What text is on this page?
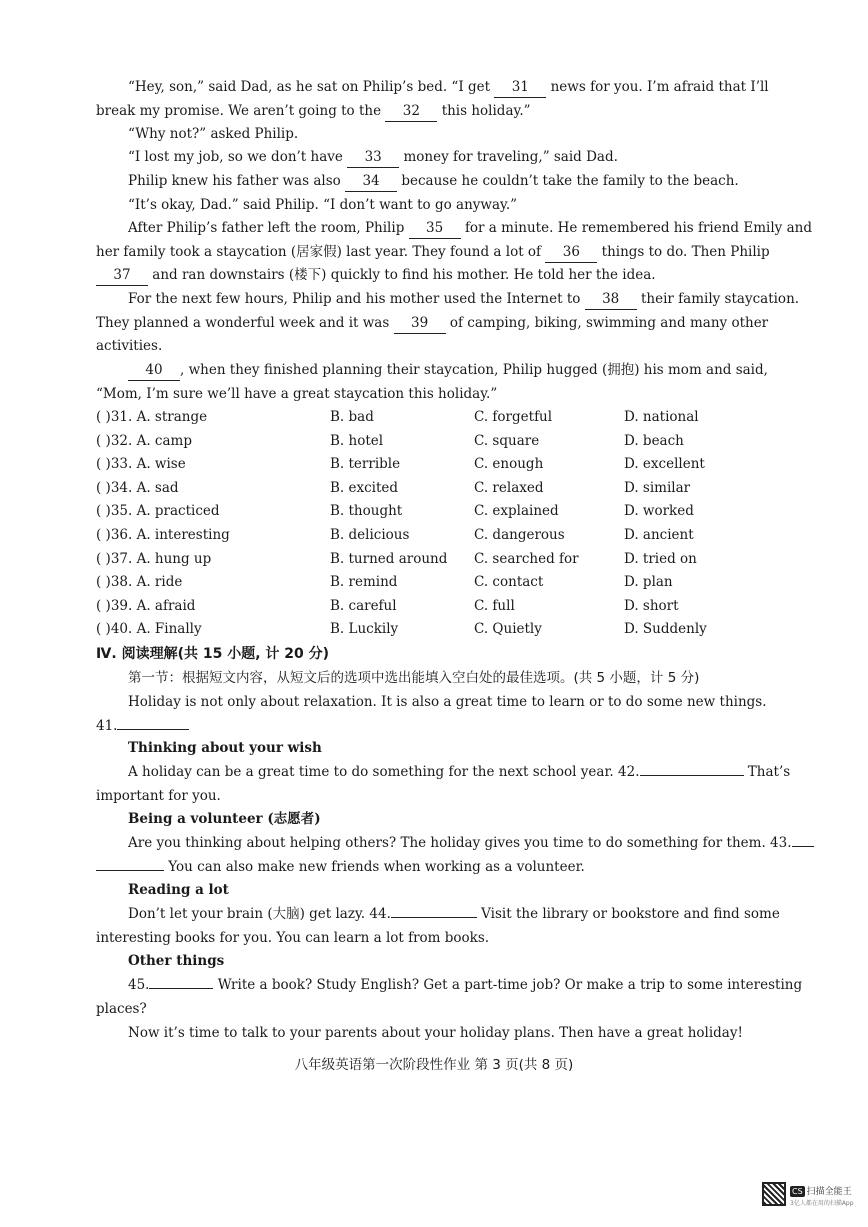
“Hey, son,” said Dad, as he sat on Philip’s bed. “I get 31 news for you. I’m afraid that I’ll
break my promise. We aren’t going to the 32 this holiday.”
“Why not?” asked Philip.
“I lost my job, so we don’t have 33 money for traveling,” said Dad.
Philip knew his father was also 34 because he couldn’t take the family to the beach.
“It’s okay, Dad.” said Philip. “I don’t want to go anyway.”
After Philip’s father left the room, Philip 35 for a minute. He remembered his friend Emily and
her family took a staycation (居家假) last year. They found a lot of 36 things to do. Then Philip
37 and ran downstairs (楼下) quickly to find his mother. He told her the idea.
For the next few hours, Philip and his mother used the Internet to 38 their family staycation.
They planned a wonderful week and it was 39 of camping, biking, swimming and many other
activities.
40 , when they finished planning their staycation, Philip hugged (拥抱) his mom and said,
“Mom, I’m sure we’ll have a great staycation this holiday.”
( )31. A. strange	B. bad	C. forgetful	D. national
( )32. A. camp	B. hotel	C. square	D. beach
( )33. A. wise	B. terrible	C. enough	D. excellent
( )34. A. sad	B. excited	C. relaxed	D. similar
( )35. A. practiced	B. thought	C. explained	D. worked
( )36. A. interesting	B. delicious	C. dangerous	D. ancient
( )37. A. hung up	B. turned around C. searched for	D. tried on
( )38. A. ride	B. remind	C. contact	D. plan
( )39. A. afraid	B. careful	C. full	D. short
( )40. A. Finally	B. Luckily	C. Quietly	D. Suddenly
Ⅳ. 阅读理解(共 15 小题, 计 20 分)
第一节：根据短文内容，从短文后的选项中选出能填入空白处的最佳选项。(共 5 小题，计 5 分)
Holiday is not only about relaxation. It is also a great time to learn or to do some new things.
41.
Thinking about your wish
A holiday can be a great time to do something for the next school year. 42.	That’s
important for you.
Being a volunteer (志愿者)
Are you thinking about helping others? The holiday gives you time to do something for them. 43.
You can also make new friends when working as a volunteer.
Reading a lot
Don’t let your brain (大脑) get lazy. 44.	Visit the library or bookstore and find some
interesting books for you. You can learn a lot from books.
Other things
45.	Write a book? Study English? Get a part-time job? Or make a trip to some interesting
places?
Now it’s time to talk to your parents about your holiday plans. Then have a great holiday!
八年级英语第一次阶段性作业 第 3 页(共 8 页)
CS 扫描全能王
3亿人都在用的扫描App
